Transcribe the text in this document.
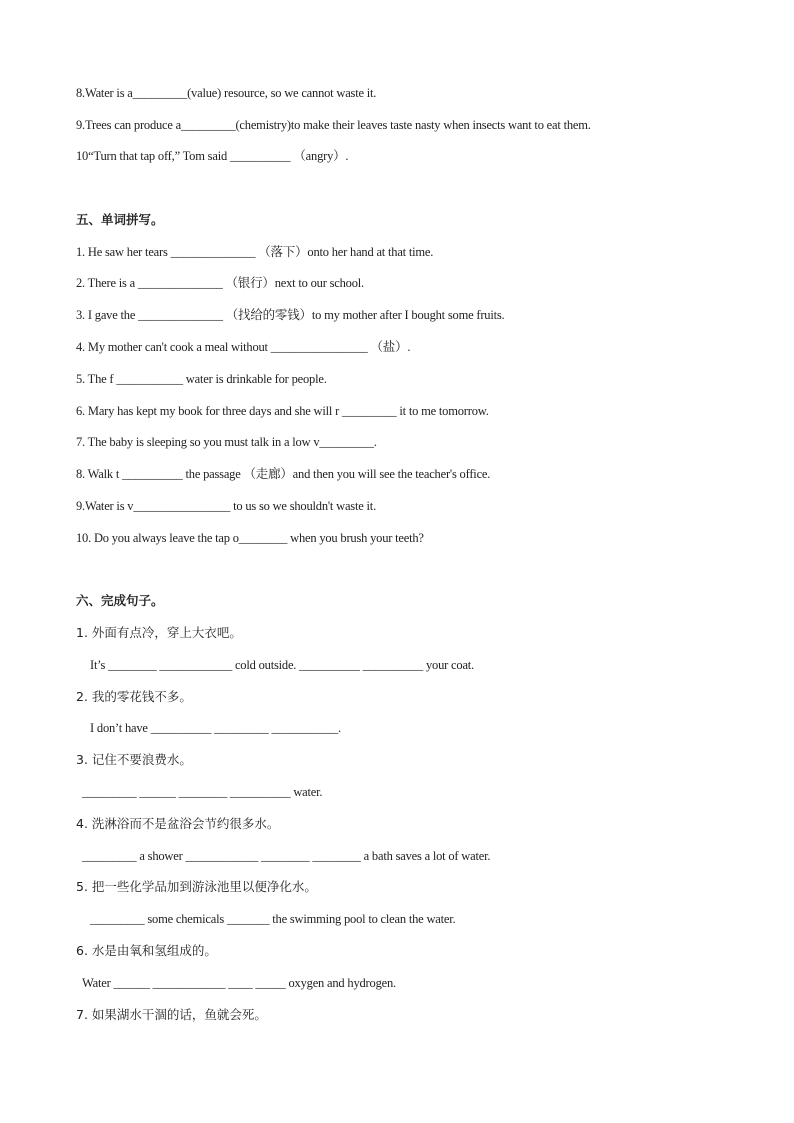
8.Water is a_________(value) resource, so we cannot waste it.

9.Trees can produce a_________(chemistry)to make their leaves taste nasty when insects want to eat them.

10“Turn that tap off,” Tom said __________ （angry）.

五、单词拼写。

1. He saw her tears ______________ （落下）onto her hand at that time.

2. There is a ______________ （银行）next to our school.

3. I gave the ______________ （找给的零钱）to my mother after I bought some fruits.

4. My mother can't cook a meal without ________________ （盐）.

5. The f ___________ water is drinkable for people.

6. Mary has kept my book for three days and she will r _________ it to me tomorrow.

7. The baby is sleeping so you must talk in a low v_________.

8. Walk t __________ the passage （走廊）and then you will see the teacher's office.

9.Water is v________________ to us so we shouldn't waste it.

10. Do you always leave the tap o________ when you brush your teeth?

六、完成句子。

1. 外面有点冷，穿上大衣吧。

It’s ________ ____________ cold outside. __________ __________ your coat.

2. 我的零花钱不多。

I don’t have __________ _________ ___________.

3. 记住不要浪费水。

_________ ______ ________ __________ water.

4. 洗淋浴而不是盆浴会节约很多水。

_________ a shower ____________ ________ ________ a bath saves a lot of water.

5. 把一些化学品加到游泳池里以便净化水。

_________ some chemicals _______ the swimming pool to clean the water.

6. 水是由氧和氢组成的。

Water ______ ____________ ____ _____ oxygen and hydrogen.

7. 如果湖水干涸的话，鱼就会死。
